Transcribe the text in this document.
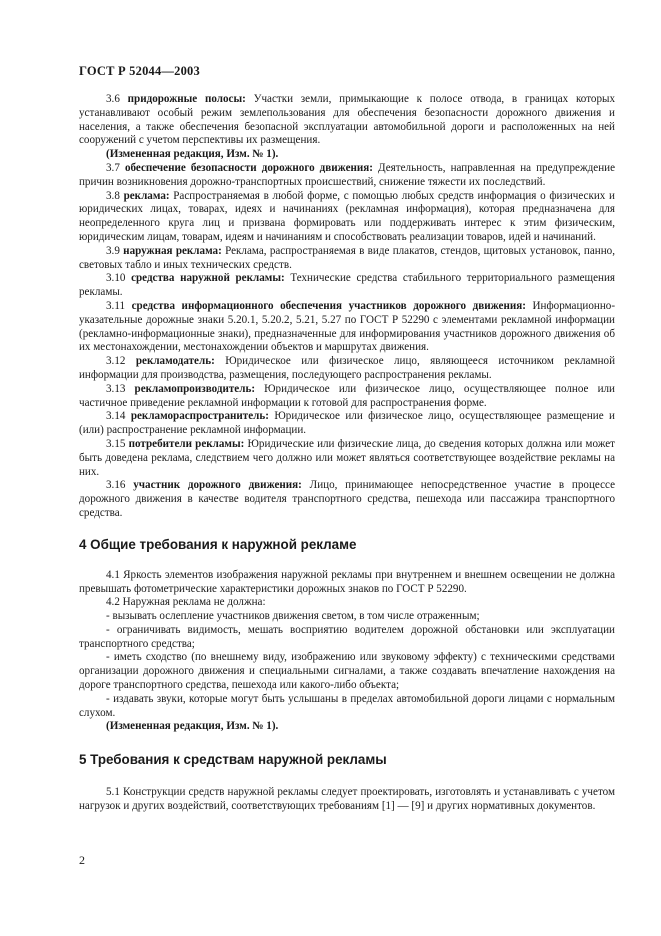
ГОСТ Р 52044—2003

3.6 придорожные полосы: Участки земли, примыкающие к полосе отвода, в границах которых устанавливают особый режим землепользования для обеспечения безопасности дорожного движения и населения, а также обеспечения безопасной эксплуатации автомобильной дороги и расположенных на ней сооружений с учетом перспективы их размещения.

(Измененная редакция, Изм. № 1).

3.7 обеспечение безопасности дорожного движения: Деятельность, направленная на предупреждение причин возникновения дорожно-транспортных происшествий, снижение тяжести их последствий.

3.8 реклама: Распространяемая в любой форме, с помощью любых средств информация о физических и юридических лицах, товарах, идеях и начинаниях (рекламная информация), которая предназначена для неопределенного круга лиц и призвана формировать или поддерживать интерес к этим физическим, юридическим лицам, товарам, идеям и начинаниям и способствовать реализации товаров, идей и начинаний.

3.9 наружная реклама: Реклама, распространяемая в виде плакатов, стендов, щитовых установок, панно, световых табло и иных технических средств.

3.10 средства наружной рекламы: Технические средства стабильного территориального размещения рекламы.

3.11 средства информационного обеспечения участников дорожного движения: Информационно-указательные дорожные знаки 5.20.1, 5.20.2, 5.21, 5.27 по ГОСТ Р 52290 с элементами рекламной информации (рекламно-информационные знаки), предназначенные для информирования участников дорожного движения об их местонахождении, местонахождении объектов и маршрутах движения.

3.12 рекламодатель: Юридическое или физическое лицо, являющееся источником рекламной информации для производства, размещения, последующего распространения рекламы.

3.13 рекламопроизводитель: Юридическое или физическое лицо, осуществляющее полное или частичное приведение рекламной информации к готовой для распространения форме.

3.14 рекламораспространитель: Юридическое или физическое лицо, осуществляющее размещение и (или) распространение рекламной информации.

3.15 потребители рекламы: Юридические или физические лица, до сведения которых должна или может быть доведена реклама, следствием чего должно или может являться соответствующее воздействие рекламы на них.

3.16 участник дорожного движения: Лицо, принимающее непосредственное участие в процессе дорожного движения в качестве водителя транспортного средства, пешехода или пассажира транспортного средства.

4 Общие требования к наружной рекламе

4.1 Яркость элементов изображения наружной рекламы при внутреннем и внешнем освещении не должна превышать фотометрические характеристики дорожных знаков по ГОСТ Р 52290.

4.2 Наружная реклама не должна:

- вызывать ослепление участников движения светом, в том числе отраженным;

- ограничивать видимость, мешать восприятию водителем дорожной обстановки или эксплуатации транспортного средства;

- иметь сходство (по внешнему виду, изображению или звуковому эффекту) с техническими средствами организации дорожного движения и специальными сигналами, а также создавать впечатление нахождения на дороге транспортного средства, пешехода или какого-либо объекта;

- издавать звуки, которые могут быть услышаны в пределах автомобильной дороги лицами с нормальным слухом.

(Измененная редакция, Изм. № 1).

5 Требования к средствам наружной рекламы

5.1 Конструкции средств наружной рекламы следует проектировать, изготовлять и устанавливать с учетом нагрузок и других воздействий, соответствующих требованиям [1] — [9] и других нормативных документов.

2
